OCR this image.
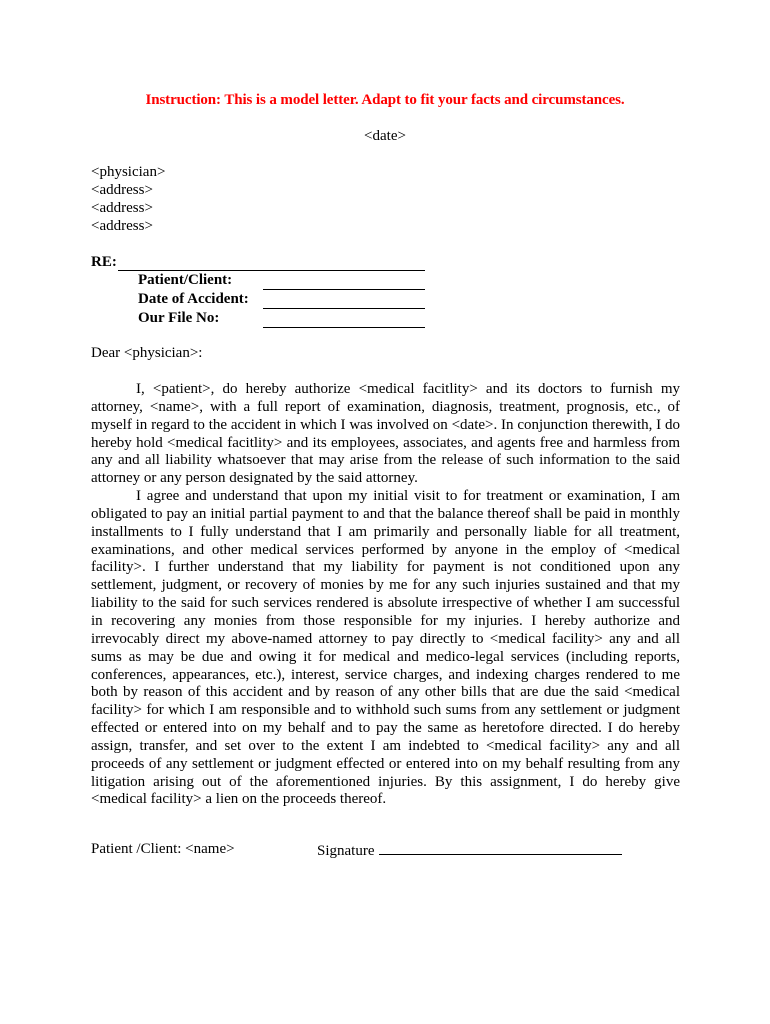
Instruction: This is a model letter. Adapt to fit your facts and circumstances.
<date>
<physician>
<address>
<address>
<address>
RE:
Patient/Client:
Date of Accident:
Our File No:
Dear <physician>:

I, <patient>, do hereby authorize <medical facitlity> and its doctors to furnish my attorney, <name>, with a full report of examination, diagnosis, treatment, prognosis, etc., of myself in regard to the accident in which I was involved on <date>. In conjunction therewith, I do hereby hold <medical facitlity> and its employees, associates, and agents free and harmless from any and all liability whatsoever that may arise from the release of such information to the said attorney or any person designated by the said attorney.

I agree and understand that upon my initial visit to for treatment or examination, I am obligated to pay an initial partial payment to and that the balance thereof shall be paid in monthly installments to I fully understand that I am primarily and personally liable for all treatment, examinations, and other medical services performed by anyone in the employ of <medical facility>. I further understand that my liability for payment is not conditioned upon any settlement, judgment, or recovery of monies by me for any such injuries sustained and that my liability to the said for such services rendered is absolute irrespective of whether I am successful in recovering any monies from those responsible for my injuries. I hereby authorize and irrevocably direct my above-named attorney to pay directly to <medical facility> any and all sums as may be due and owing it for medical and medico-legal services (including reports, conferences, appearances, etc.), interest, service charges, and indexing charges rendered to me both by reason of this accident and by reason of any other bills that are due the said <medical facility> for which I am responsible and to withhold such sums from any settlement or judgment effected or entered into on my behalf and to pay the same as heretofore directed. I do hereby assign, transfer, and set over to the extent I am indebted to <medical facility> any and all proceeds of any settlement or judgment effected or entered into on my behalf resulting from any litigation arising out of the aforementioned injuries. By this assignment, I do hereby give <medical facility> a lien on the proceeds thereof.

Patient /Client: <name>	Signature
